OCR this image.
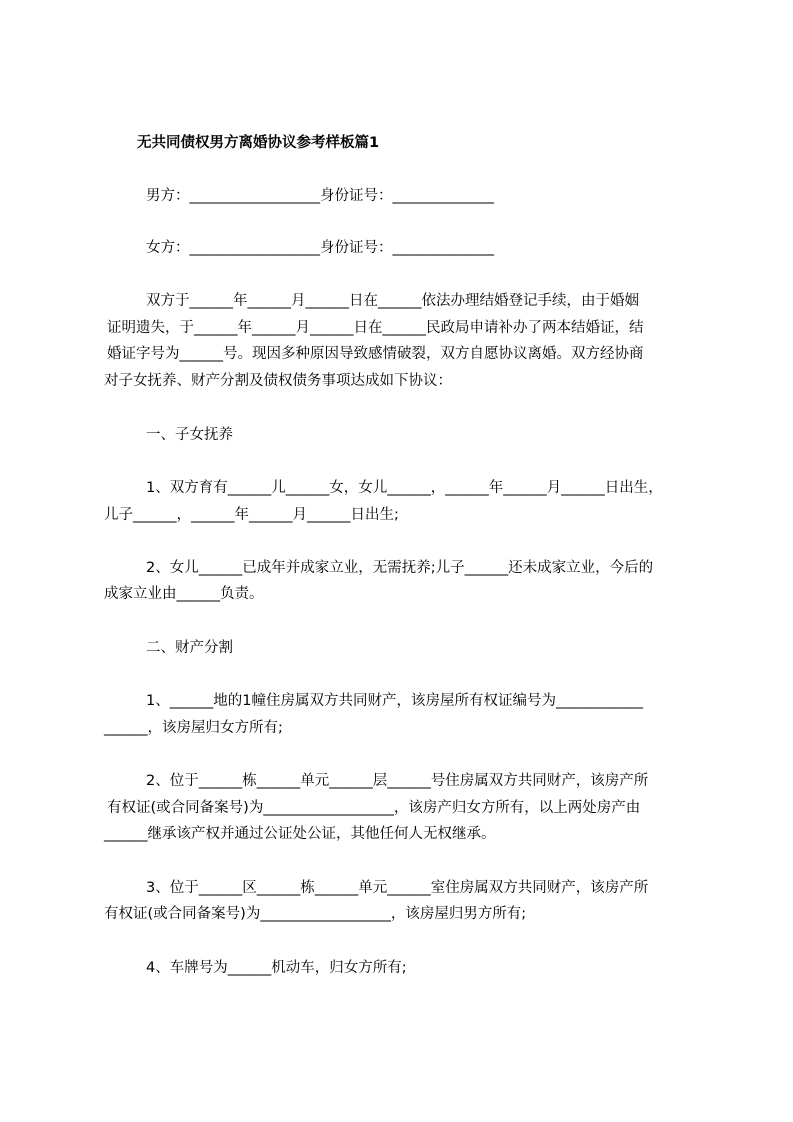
无共同债权男方离婚协议参考样板篇1
男方：__________________身份证号：______________
女方：__________________身份证号：______________
双方于______年______月______日在______依法办理结婚登记手续，由于婚姻
证明遗失，于______年______月______日在______民政局申请补办了两本结婚证，结
婚证字号为______号。现因多种原因导致感情破裂，双方自愿协议离婚。双方经协商
对子女抚养、财产分割及债权债务事项达成如下协议：
一、子女抚养
1、双方育有______儿______女，女儿______，______年______月______日出生，
儿子______，______年______月______日出生;
2、女儿______已成年并成家立业，无需抚养;儿子______还未成家立业，今后的
成家立业由______负责。
二、财产分割
1、______地的1幢住房属双方共同财产，该房屋所有权证编号为____________
______，该房屋归女方所有;
2、位于______栋______单元______层______号住房属双方共同财产，该房产所
有权证(或合同备案号)为__________________，该房产归女方所有，以上两处房产由
______继承该产权并通过公证处公证，其他任何人无权继承。
3、位于______区______栋______单元______室住房属双方共同财产，该房产所
有权证(或合同备案号)为__________________，该房屋归男方所有;
4、车牌号为______机动车，归女方所有;
